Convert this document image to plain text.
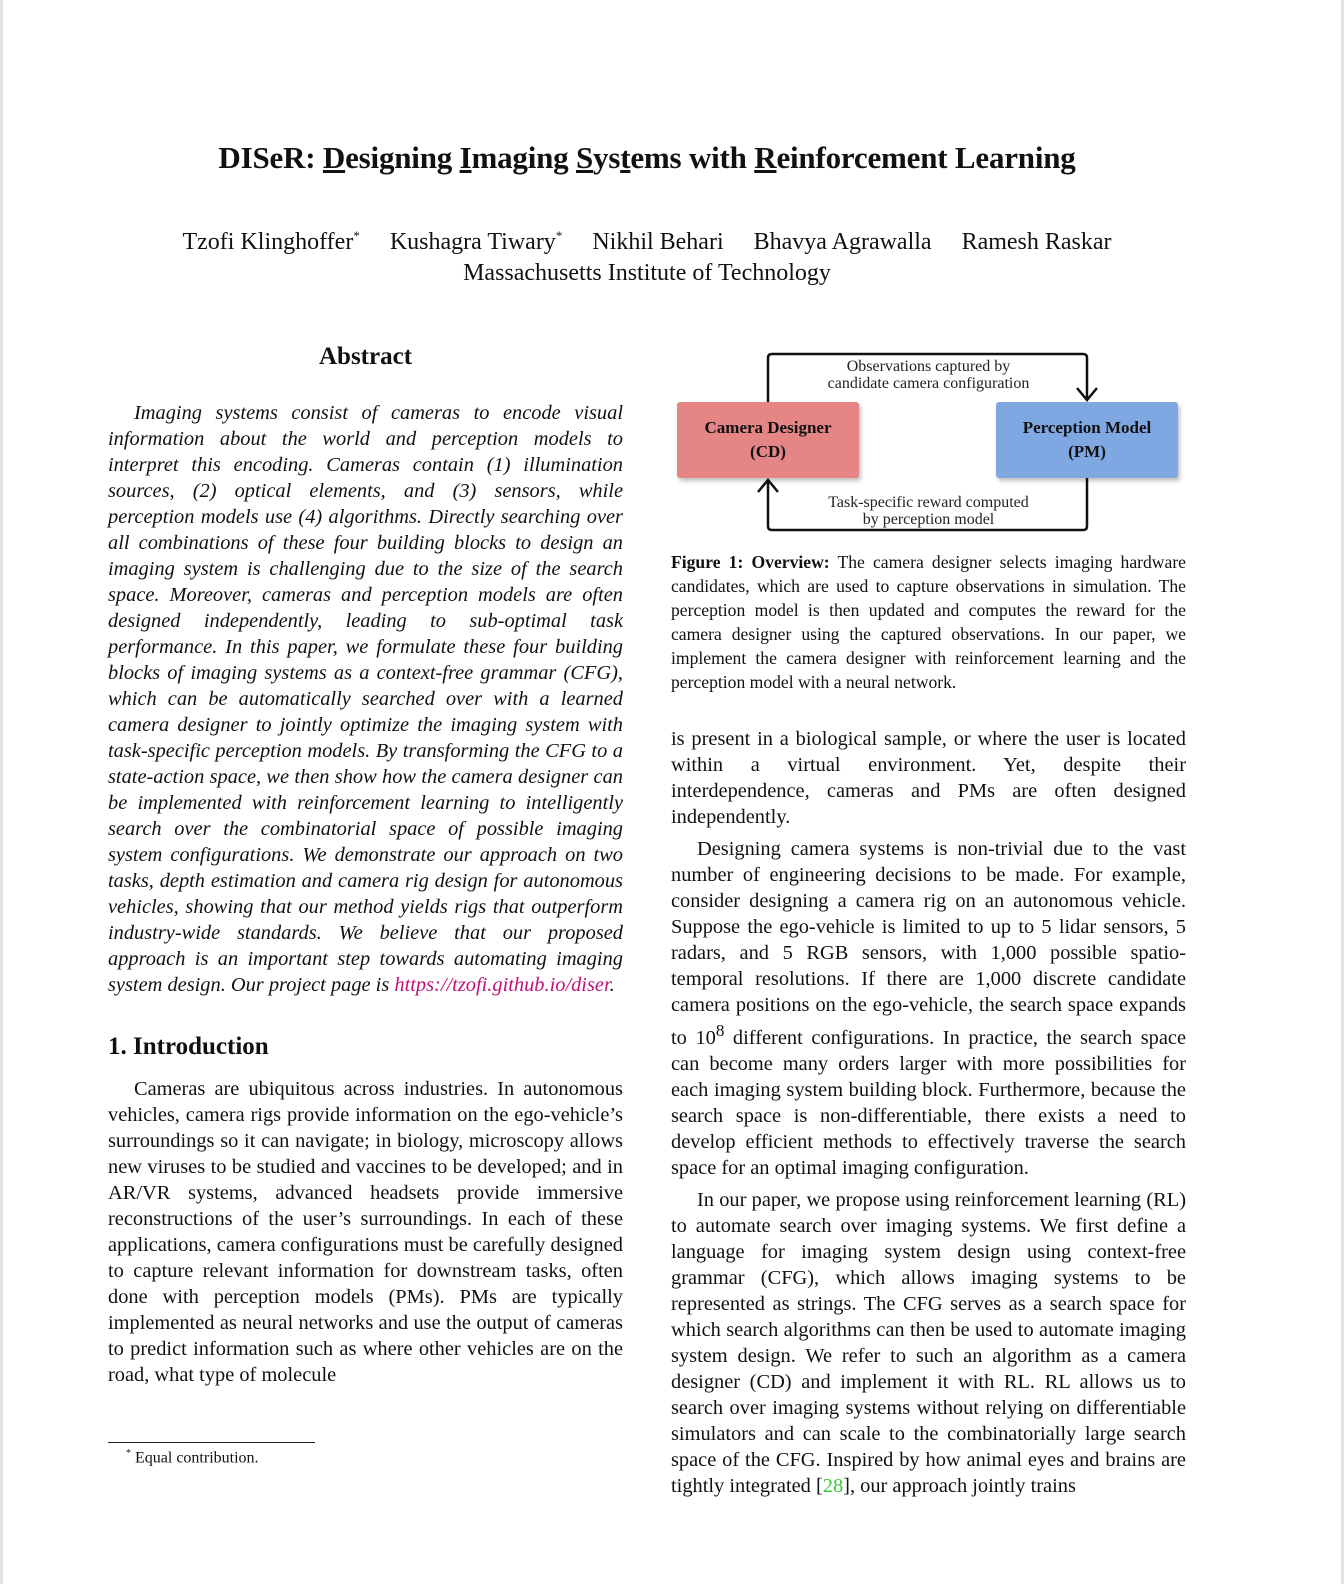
DISeR: Designing Imaging Systems with Reinforcement Learning
Tzofi Klinghoffer* Kushagra Tiwary* Nikhil Behari Bhavya Agrawalla Ramesh Raskar
Massachusetts Institute of Technology
Abstract

Imaging systems consist of cameras to encode visual information about the world and perception models to interpret this encoding. Cameras contain (1) illumination sources, (2) optical elements, and (3) sensors, while perception models use (4) algorithms. Directly searching over all combinations of these four building blocks to design an imaging system is challenging due to the size of the search space. Moreover, cameras and perception models are often designed independently, leading to sub-optimal task performance. In this paper, we formulate these four building blocks of imaging systems as a context-free grammar (CFG), which can be automatically searched over with a learned camera designer to jointly optimize the imaging system with task-specific perception models. By transforming the CFG to a state-action space, we then show how the camera designer can be implemented with reinforcement learning to intelligently search over the combinatorial space of possible imaging system configurations. We demonstrate our approach on two tasks, depth estimation and camera rig design for autonomous vehicles, showing that our method yields rigs that outperform industry-wide standards. We believe that our proposed approach is an important step towards automating imaging system design. Our project page is https://tzofi.github.io/diser.

1. Introduction

Cameras are ubiquitous across industries. In autonomous vehicles, camera rigs provide information on the ego-vehicle’s surroundings so it can navigate; in biology, microscopy allows new viruses to be studied and vaccines to be developed; and in AR/VR systems, advanced headsets provide immersive reconstructions of the user’s surroundings. In each of these applications, camera configurations must be carefully designed to capture relevant information for downstream tasks, often done with perception models (PMs). PMs are typically implemented as neural networks and use the output of cameras to predict information such as where other vehicles are on the road, what type of molecule

* Equal contribution.
Observations captured by
candidate camera configuration
Camera Designer
(CD)
Perception Model
(PM)
Task-specific reward computed
by perception model

Figure 1: Overview: The camera designer selects imaging hardware candidates, which are used to capture observations in simulation. The perception model is then updated and computes the reward for the camera designer using the captured observations. In our paper, we implement the camera designer with reinforcement learning and the perception model with a neural network.

is present in a biological sample, or where the user is located within a virtual environment. Yet, despite their interdependence, cameras and PMs are often designed independently.

Designing camera systems is non-trivial due to the vast number of engineering decisions to be made. For example, consider designing a camera rig on an autonomous vehicle. Suppose the ego-vehicle is limited to up to 5 lidar sensors, 5 radars, and 5 RGB sensors, with 1,000 possible spatio-temporal resolutions. If there are 1,000 discrete candidate camera positions on the ego-vehicle, the search space expands to $10^8$ different configurations. In practice, the search space can become many orders larger with more possibilities for each imaging system building block. Furthermore, because the search space is non-differentiable, there exists a need to develop efficient methods to effectively traverse the search space for an optimal imaging configuration.

In our paper, we propose using reinforcement learning (RL) to automate search over imaging systems. We first define a language for imaging system design using context-free grammar (CFG), which allows imaging systems to be represented as strings. The CFG serves as a search space for which search algorithms can then be used to automate imaging system design. We refer to such an algorithm as a camera designer (CD) and implement it with RL. RL allows us to search over imaging systems without relying on differentiable simulators and can scale to the combinatorially large search space of the CFG. Inspired by how animal eyes and brains are tightly integrated [28], our approach jointly trains
